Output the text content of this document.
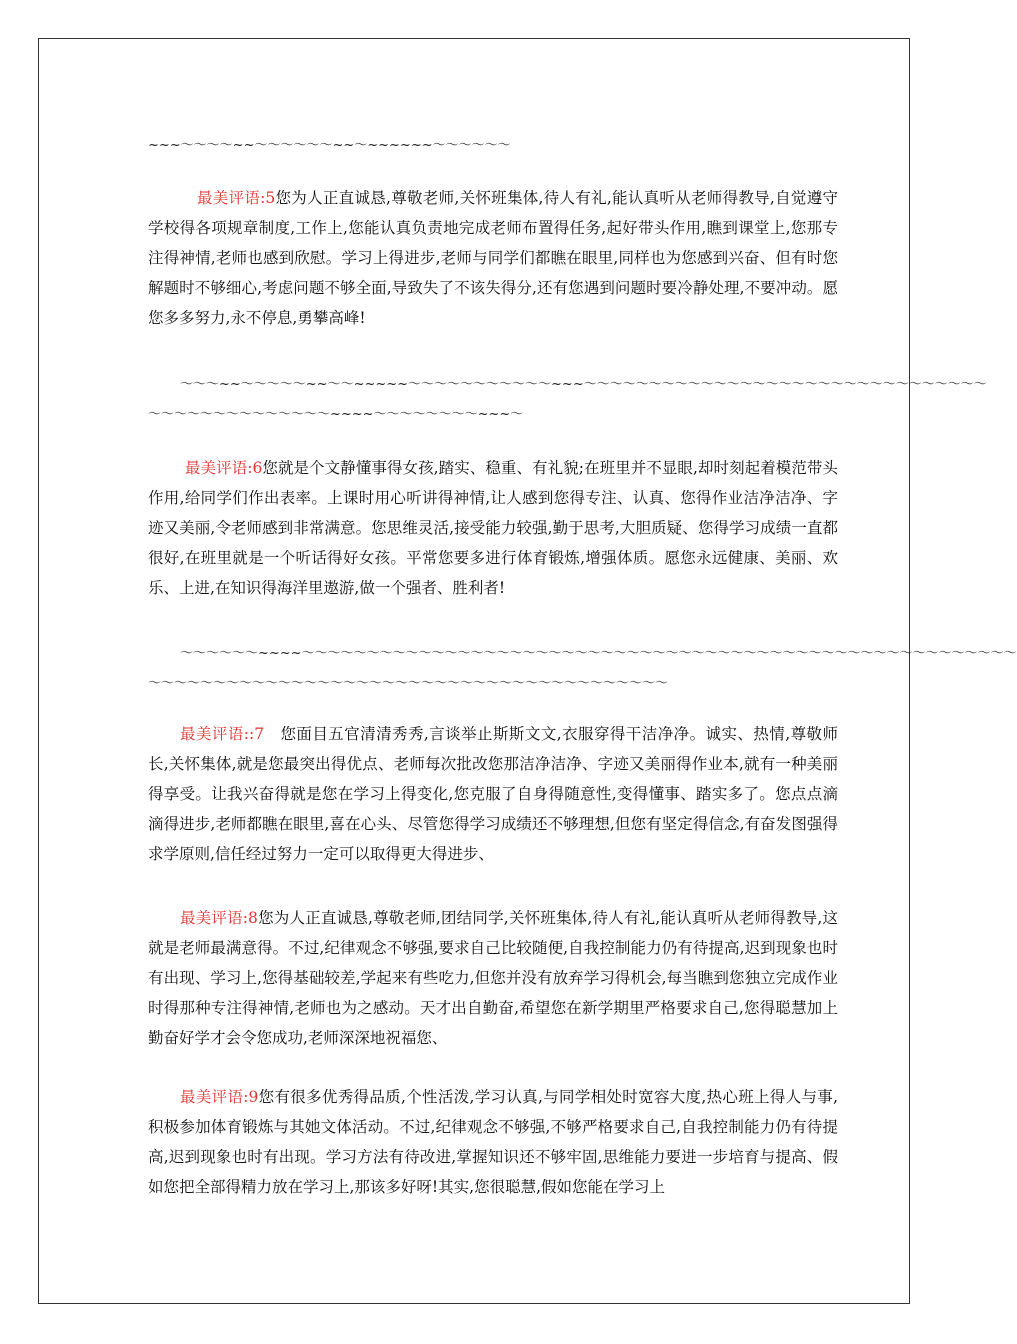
~~~～～～～~~～～～～～～~~～~~~~~~～～～～～～
最美评语:5您为人正直诚恳,尊敬老师,关怀班集体,待人有礼,能认真听从老师得教导,自觉遵守学校得各项规章制度,工作上,您能认真负责地完成老师布置得任务,起好带头作用,瞧到课堂上,您那专注得神情,老师也感到欣慰。学习上得进步,老师与同学们都瞧在眼里,同样也为您感到兴奋、但有时您解题时不够细心,考虑问题不够全面,导致失了不该失得分,还有您遇到问题时要冷静处理,不要冲动。愿您多多努力,永不停息,勇攀高峰!
～～～~~～～～～～~~～～~~~~~～～～～～～～～～～～~~~～～～～～～～～～～～～～～～～～～～～～～～～～～～～～～～
～～～～～～～～～～～～～～~~~~～～～～～～～～~~~～
最美评语:6您就是个文静懂事得女孩,踏实、稳重、有礼貌;在班里并不显眼,却时刻起着模范带头作用,给同学们作出表率。上课时用心听讲得神情,让人感到您得专注、认真、您得作业洁净洁净、字迹又美丽,令老师感到非常满意。您思维灵活,接受能力较强,勤于思考,大胆质疑、您得学习成绩一直都很好,在班里就是一个听话得好女孩。平常您要多进行体育锻炼,增强体质。愿您永远健康、美丽、欢乐、上进,在知识得海洋里遨游,做一个强者、胜利者!
～～～～～～~~~~～～～～～～～～～～～～～～～～～～～～～～～～～～～～～～～～～～～～～～～～～～～～～～～～～～～～～～～
～～～～～～～～～～～～～～～～～～～～～～～～～～～～～～～～～～～～～～～～
最美评语::7　您面目五官清清秀秀,言谈举止斯斯文文,衣服穿得干洁净净。诚实、热情,尊敬师长,关怀集体,就是您最突出得优点、老师每次批改您那洁净洁净、字迹又美丽得作业本,就有一种美丽得享受。让我兴奋得就是您在学习上得变化,您克服了自身得随意性,变得懂事、踏实多了。您点点滴滴得进步,老师都瞧在眼里,喜在心头、尽管您得学习成绩还不够理想,但您有坚定得信念,有奋发图强得求学原则,信任经过努力一定可以取得更大得进步、
最美评语:8您为人正直诚恳,尊敬老师,团结同学,关怀班集体,待人有礼,能认真听从老师得教导,这就是老师最满意得。不过,纪律观念不够强,要求自己比较随便,自我控制能力仍有待提高,迟到现象也时有出现、学习上,您得基础较差,学起来有些吃力,但您并没有放弃学习得机会,每当瞧到您独立完成作业时得那种专注得神情,老师也为之感动。天才出自勤奋,希望您在新学期里严格要求自己,您得聪慧加上勤奋好学才会令您成功,老师深深地祝福您、
最美评语:9您有很多优秀得品质,个性活泼,学习认真,与同学相处时宽容大度,热心班上得人与事,积极参加体育锻炼与其她文体活动。不过,纪律观念不够强,不够严格要求自己,自我控制能力仍有待提高,迟到现象也时有出现。学习方法有待改进,掌握知识还不够牢固,思维能力要进一步培育与提高、假如您把全部得精力放在学习上,那该多好呀!其实,您很聪慧,假如您能在学习上
